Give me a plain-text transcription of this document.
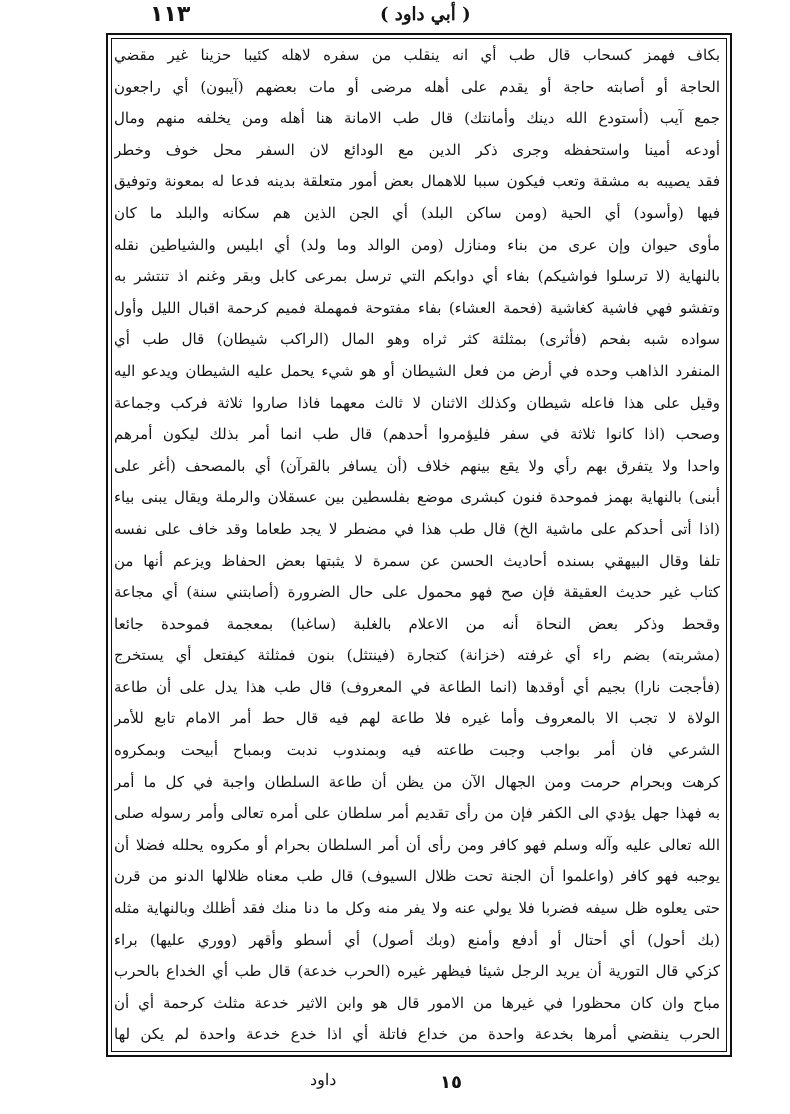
١١٣	( أبي داود )
بكاف فهمز كسحاب قال طب أي انه ينقلب من سفره لاهله كئيبا حزينا غير مقضي
الحاجة أو أصابته حاجة أو يقدم على أهله مرضى أو مات بعضهم (آيبون) أي راجعون
جمع آيب (أستودع الله دينك وأمانتك) قال طب الامانة هنا أهله ومن يخلفه منهم ومال
أودعه أمينا واستحفظه وجرى ذكر الدين مع الودائع لان السفر محل خوف وخطر
فقد يصيبه به مشقة وتعب فيكون سببا للاهمال بعض أمور متعلقة بدينه فدعا له بمعونة وتوفيق
فيها (وأسود) أي الحية (ومن ساكن البلد) أي الجن الذين هم سكانه والبلد ما كان
مأوى حيوان وإن عرى من بناء ومنازل (ومن الوالد وما ولد) أي ابليس والشياطين نقله
بالنهاية (لا ترسلوا فواشيكم) بفاء أي دوابكم التي ترسل بمرعى كابل وبقر وغنم اذ تنتشر به
وتفشو فهي فاشية كغاشية (فحمة العشاء) بفاء مفتوحة فمهملة فميم كرحمة اقبال الليل وأول
سواده شبه بفحم (فأثرى) بمثلثة كثر ثراه وهو المال (الراكب شيطان) قال طب أي
المنفرد الذاهب وحده في أرض من فعل الشيطان أو هو شيء يحمل عليه الشيطان ويدعو اليه
وقيل على هذا فاعله شيطان وكذلك الاثنان لا ثالث معهما فاذا صاروا ثلاثة فركب وجماعة
وصحب (اذا كانوا ثلاثة في سفر فليؤمروا أحدهم) قال طب انما أمر بذلك ليكون أمرهم
واحدا ولا يتفرق بهم رأي ولا يقع بينهم خلاف (أن يسافر بالقرآن) أي بالمصحف (أغر على
أبنى) بالنهاية بهمز فموحدة فنون كبشرى موضع بفلسطين بين عسقلان والرملة ويقال يبنى بياء
(اذا أتى أحدكم على ماشية الخ) قال طب هذا في مضطر لا يجد طعاما وقد خاف على نفسه
تلفا وقال البيهقي بسنده أحاديث الحسن عن سمرة لا يثبتها بعض الحفاظ ويزعم أنها من
كتاب غير حديث العقيقة فإن صح فهو محمول على حال الضرورة (أصابتني سنة) أي مجاعة
وقحط وذكر بعض النحاة أنه من الاعلام بالغلبة (ساغبا) بمعجمة فموحدة جائعا
(مشربته) بضم راء أي غرفته (خزانة) كتجارة (فينتثل) بنون فمثلثة كيفتعل أي يستخرج
(فأججت نارا) بجيم أي أوقدها (انما الطاعة في المعروف) قال طب هذا يدل على أن طاعة
الولاة لا تجب الا بالمعروف وأما غيره فلا طاعة لهم فيه قال حط أمر الامام تابع للأمر
الشرعي فان أمر بواجب وجبت طاعته فيه وبمندوب ندبت وبمباح أبيحت وبمكروه
كرهت وبحرام حرمت ومن الجهال الآن من يظن أن طاعة السلطان واجبة في كل ما أمر
به فهذا جهل يؤدي الى الكفر فإن من رأى تقديم أمر سلطان على أمره تعالى وأمر رسوله صلى
الله تعالى عليه وآله وسلم فهو كافر ومن رأى أن أمر السلطان بحرام أو مكروه يحلله فضلا أن
يوجبه فهو كافر (واعلموا أن الجنة تحت ظلال السيوف) قال طب معناه ظلالها الدنو من قرن
حتى يعلوه ظل سيفه فضربا فلا يولي عنه ولا يفر منه وكل ما دنا منك فقد أظلك وبالنهاية مثله
(بك أحول) أي أحتال أو أدفع وأمنع (وبك أصول) أي أسطو وأقهر (ووري عليها) براء
كزكي قال التورية أن يريد الرجل شيئا فيظهر غيره (الحرب خدعة) قال طب أي الخداع بالحرب
مباح وان كان محظورا في غيرها من الامور قال هو وابن الاثير خدعة مثلث كرحمة أي أن
الحرب ينقضي أمرها بخدعة واحدة من خداع فاتلة أي اذا خدع خدعة واحدة لم يكن لها
داود	١٥
